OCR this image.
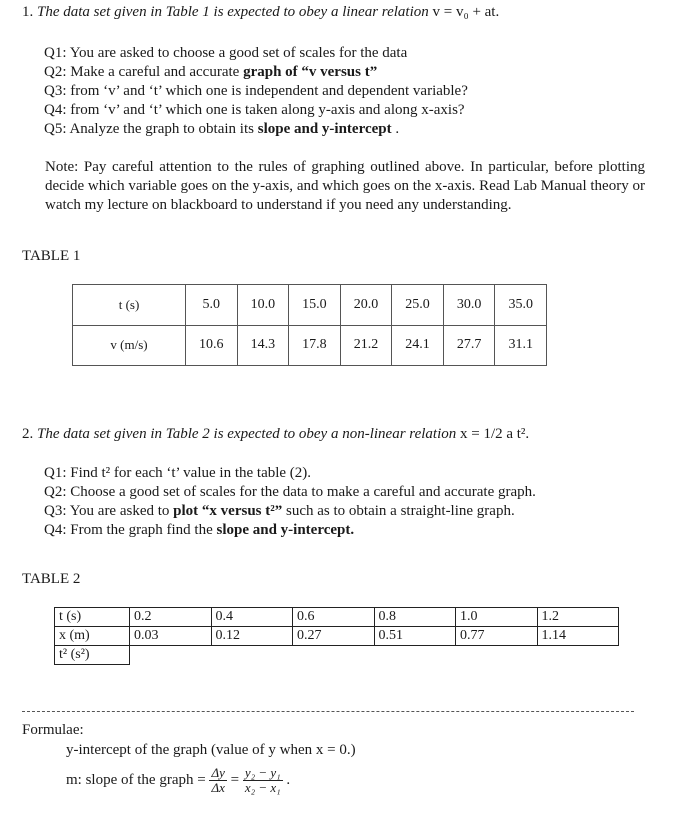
1. The data set given in Table 1 is expected to obey a linear relation v = v₀ + at.
Q1: You are asked to choose a good set of scales for the data
Q2: Make a careful and accurate graph of “v versus t”
Q3: from ‘v’ and ‘t’ which one is independent and dependent variable?
Q4: from ‘v’ and ‘t’ which one is taken along y-axis and along x-axis?
Q5: Analyze the graph to obtain its slope and y-intercept .
Note: Pay careful attention to the rules of graphing outlined above. In particular, before plotting decide which variable goes on the y-axis, and which goes on the x-axis. Read Lab Manual theory or watch my lecture on blackboard to understand if you need any understanding.
TABLE 1
t (s)	5.0	10.0	15.0	20.0	25.0	30.0	35.0
v (m/s)	10.6	14.3	17.8	21.2	24.1	27.7	31.1
2. The data set given in Table 2 is expected to obey a non-linear relation x = 1/2 a t².
Q1: Find t² for each ‘t’ value in the table (2).
Q2: Choose a good set of scales for the data to make a careful and accurate graph.
Q3: You are asked to plot “x versus t²” such as to obtain a straight-line graph.
Q4: From the graph find the slope and y-intercept.
TABLE 2
t (s)	0.2	0.4	0.6	0.8	1.0	1.2
x (m)	0.03	0.12	0.27	0.51	0.77	1.14
t² (s²)						
Formulae:
y-intercept of the graph (value of y when x = 0.)
m: slope of the graph = $\frac{\Delta y}{\Delta x} = \frac{\text{y₂ − y₁}}{\text{x₂ − x₁}}$ .
